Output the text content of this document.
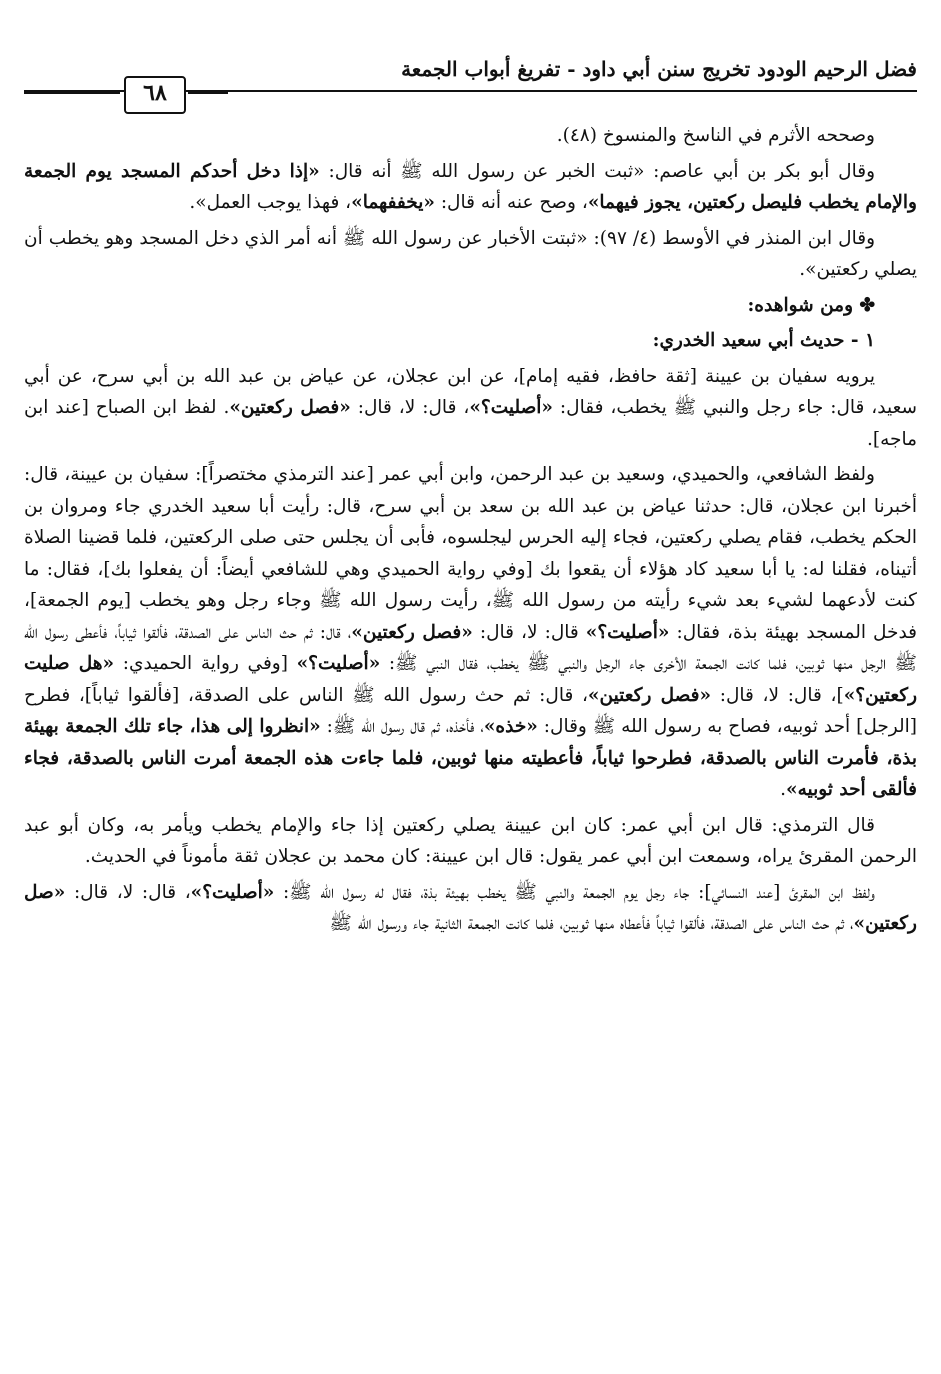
فضل الرحيم الودود تخريج سنن أبي داود - تفريغ أبواب الجمعة
٦٨

وصححه الأثرم في الناسخ والمنسوخ (٤٨).

وقال أبو بكر بن أبي عاصم: «ثبت الخبر عن رسول الله ﷺ أنه قال: «إذا دخل أحدكم المسجد يوم الجمعة والإمام يخطب فليصل ركعتين، يجوز فيهما»، وصح عنه أنه قال: «يخففهما»، فهذا يوجب العمل».

وقال ابن المنذر في الأوسط (٤/ ٩٧): «ثبتت الأخبار عن رسول الله ﷺ أنه أمر الذي دخل المسجد وهو يخطب أن يصلي ركعتين».

✤ ومن شواهده:
١ - حديث أبي سعيد الخدري:

يرويه سفيان بن عيينة [ثقة حافظ، فقيه إمام]، عن ابن عجلان، عن عياض بن عبد الله بن أبي سرح، عن أبي سعيد، قال: جاء رجل والنبي ﷺ يخطب، فقال: «أصليت؟»، قال: لا، قال: «فصل ركعتين». لفظ ابن الصباح [عند ابن ماجه].

ولفظ الشافعي، والحميدي، وسعيد بن عبد الرحمن، وابن أبي عمر [عند الترمذي مختصراً]: سفيان بن عيينة، قال: أخبرنا ابن عجلان، قال: حدثنا عياض بن عبد الله بن سعد بن أبي سرح، قال: رأيت أبا سعيد الخدري جاء ومروان بن الحكم يخطب، فقام يصلي ركعتين، فجاء إليه الحرس ليجلسوه، فأبى أن يجلس حتى صلى الركعتين، فلما قضينا الصلاة أتيناه، فقلنا له: يا أبا سعيد كاد هؤلاء أن يقعوا بك [وفي رواية الحميدي وهي للشافعي أيضاً: أن يفعلوا بك]، فقال: ما كنت لأدعهما لشيء بعد شيء رأيته من رسول الله ﷺ، رأيت رسول الله ﷺ وجاء رجل وهو يخطب [يوم الجمعة]، فدخل المسجد بهيئة بذة، فقال: «أصليت؟» قال: لا، قال: «فصل ركعتين»، قال: ثم حث الناس على الصدقة، فألقوا ثياباً، فأعطى رسول الله ﷺ الرجل منها ثوبين، فلما كانت الجمعة الأخرى جاء الرجل والنبي ﷺ يخطب، فقال النبي ﷺ: «أصليت؟» [وفي رواية الحميدي: «هل صليت ركعتين؟»]، قال: لا، قال: «فصل ركعتين»، قال: ثم حث رسول الله ﷺ الناس على الصدقة، [فألقوا ثياباً]، فطرح [الرجل] أحد ثوبيه، فصاح به رسول الله ﷺ وقال: «خذه»، فأخذه، ثم قال رسول الله ﷺ: «انظروا إلى هذا، جاء تلك الجمعة بهيئة بذة، فأمرت الناس بالصدقة، فطرحوا ثياباً، فأعطيته منها ثوبين، فلما جاءت هذه الجمعة أمرت الناس بالصدقة، فجاء فألقى أحد ثوبيه».

قال الترمذي: قال ابن أبي عمر: كان ابن عيينة يصلي ركعتين إذا جاء والإمام يخطب ويأمر به، وكان أبو عبد الرحمن المقرئ يراه، وسمعت ابن أبي عمر يقول: قال ابن عيينة: كان محمد بن عجلان ثقة مأموناً في الحديث.

ولفظ ابن المقرئ [عند النسائي]: جاء رجل يوم الجمعة والنبي ﷺ يخطب بهيئة بذة، فقال له رسول الله ﷺ: «أصليت؟»، قال: لا، قال: «صل ركعتين»، ثم حث الناس على الصدقة، فألقوا ثياباً فأعطاه منها ثوبين، فلما كانت الجمعة الثانية جاء ورسول الله ﷺ
